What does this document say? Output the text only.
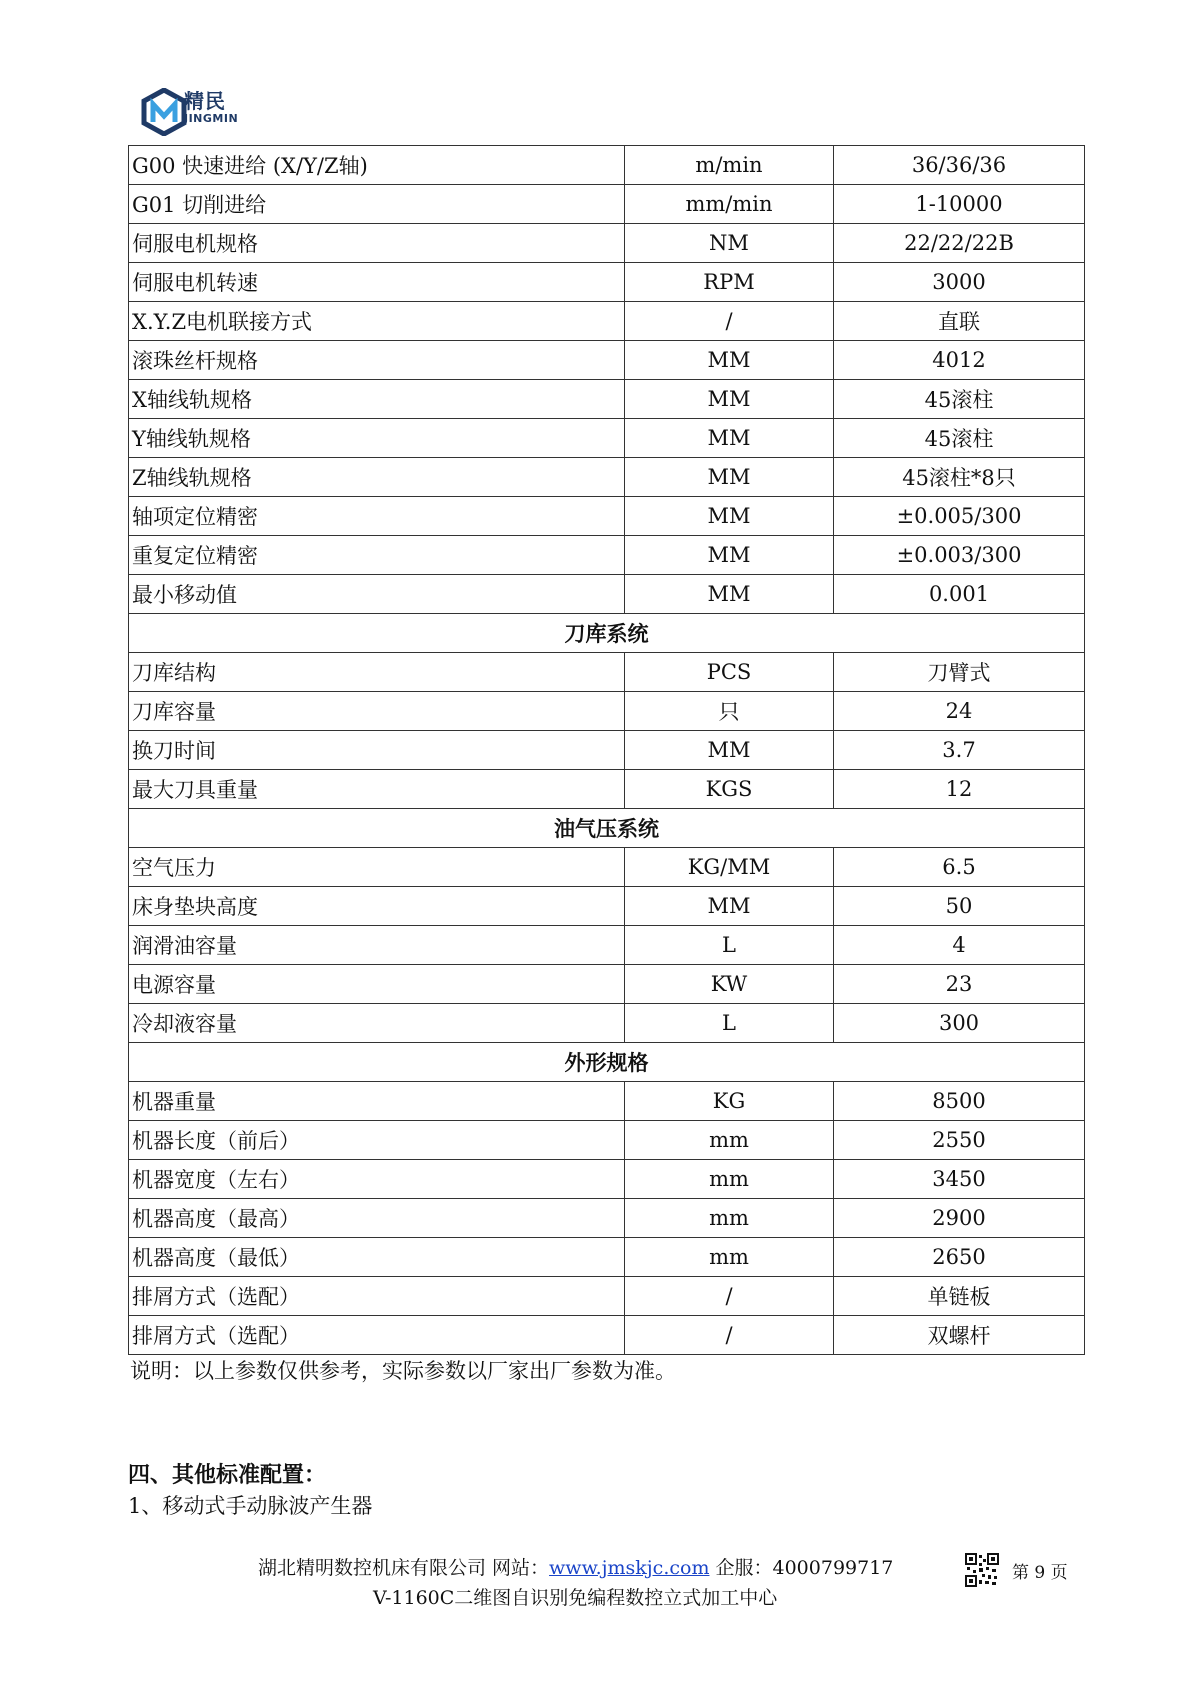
精民
JINGMIN
G00 快速进给 (X/Y/Z轴)	m/min	36/36/36
G01 切削进给	mm/min	1-10000
伺服电机规格	NM	22/22/22B
伺服电机转速	RPM	3000
X.Y.Z电机联接方式	/	直联
滚珠丝杆规格	MM	4012
X轴线轨规格	MM	45滚柱
Y轴线轨规格	MM	45滚柱
Z轴线轨规格	MM	45滚柱*8只
轴项定位精密	MM	±0.005/300
重复定位精密	MM	±0.003/300
最小移动值	MM	0.001
刀库系统		
刀库结构	PCS	刀臂式
刀库容量	只	24
换刀时间	MM	3.7
最大刀具重量	KGS	12
油气压系统		
空气压力	KG/MM	6.5
床身垫块高度	MM	50
润滑油容量	L	4
电源容量	KW	23
冷却液容量	L	300
外形规格		
机器重量	KG	8500
机器长度（前后）	mm	2550
机器宽度（左右）	mm	3450
机器高度（最高）	mm	2900
机器高度（最低）	mm	2650
排屑方式（选配）	/	单链板
排屑方式（选配）	/	双螺杆
说明：以上参数仅供参考，实际参数以厂家出厂参数为准。
四、其他标准配置：
1、移动式手动脉波产生器
湖北精明数控机床有限公司 网站：www.jmskjc.com 企服：4000799717
V-1160C二维图自识别免编程数控立式加工中心
第 9 页
